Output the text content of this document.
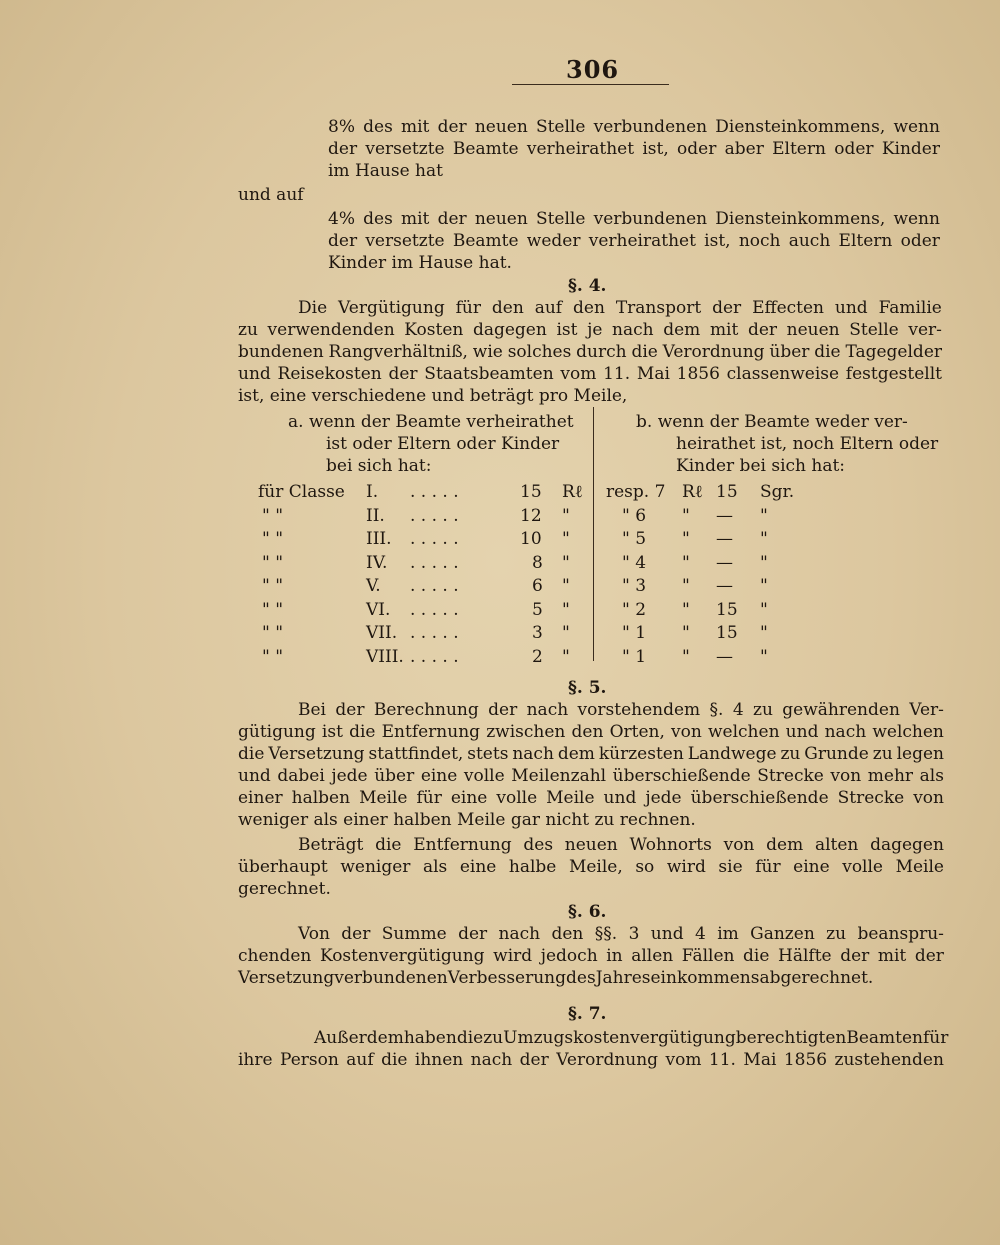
306
8% des mit der neuen Stelle verbundenen Diensteinkommens, wenn
der versetzte Beamte verheirathet ist, oder aber Eltern oder Kinder
im Hause hat
und auf
4% des mit der neuen Stelle verbundenen Diensteinkommens, wenn
der versetzte Beamte weder verheirathet ist, noch auch Eltern oder
Kinder im Hause hat.
§. 4.
Die Vergütigung für den auf den Transport der Effecten und Familie
zu verwendenden Kosten dagegen ist je nach dem mit der neuen Stelle ver-
bundenen Rangverhältniß, wie solches durch die Verordnung über die Tagegelder
und Reisekosten der Staatsbeamten vom 11. Mai 1856 classenweise festgestellt
ist, eine verschiedene und beträgt pro Meile,
a. wenn der Beamte verheirathet
ist oder Eltern oder Kinder
bei sich hat:
b. wenn der Beamte weder ver-
heirathet ist, noch Eltern oder
Kinder bei sich hat:
§. 5.
Bei der Berechnung der nach vorstehendem §. 4 zu gewährenden Ver-
gütigung ist die Entfernung zwischen den Orten, von welchen und nach welchen
die Versetzung stattfindet, stets nach dem kürzesten Landwege zu Grunde zu legen
und dabei jede über eine volle Meilenzahl überschießende Strecke von mehr als
einer halben Meile für eine volle Meile und jede überschießende Strecke von
weniger als einer halben Meile gar nicht zu rechnen.
Beträgt die Entfernung des neuen Wohnorts von dem alten dagegen
überhaupt weniger als eine halbe Meile, so wird sie für eine volle Meile
gerechnet.
§. 6.
Von der Summe der nach den §§. 3 und 4 im Ganzen zu beanspru-
chenden Kostenvergütigung wird jedoch in allen Fällen die Hälfte der mit der
Versetzung verbundenen Verbesserung des Jahreseinkommens abgerechnet.
§. 7.
Außerdem haben die zu Umzugskostenvergütigung berechtigten Beamten für
ihre Person auf die ihnen nach der Verordnung vom 11. Mai 1856 zustehenden
für Classe I. . . . . .	15 Rℓ resp. 7 Rℓ 15 Sgr.
" "	II. . . . . .	12 "	" 6 " — "
" "	III. . . . . .	10 "	" 5 " — "
" "	IV. . . . . .	8 "	" 4 " — "
" "	V. . . . . .	6 "	" 3 " — "
" "	VI. . . . . .	5 "	" 2 " 15 "
" "	VII. . . . . .	3 "	" 1 " 15 "
" "	VIII. . . . . .	2 "	" 1 " — "
